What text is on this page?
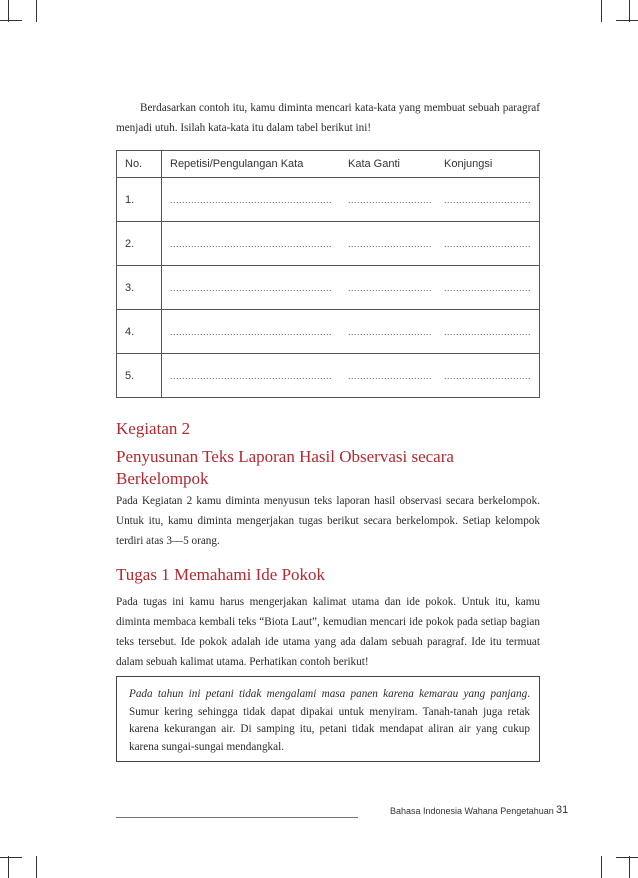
Berdasarkan contoh itu, kamu diminta mencari kata-kata yang membuat sebuah paragraf menjadi utuh. Isilah kata-kata itu dalam tabel berikut ini!

No.	Repetisi/Pengulangan Kata	Kata Ganti	Konjungsi
1.	......................................................	............................	.............................
2.	......................................................	............................	.............................
3.	......................................................	............................	.............................
4.	......................................................	............................	.............................
5.	......................................................	............................	.............................
Kegiatan 2
Penyusunan Teks Laporan Hasil Observasi secara Berkelompok

Pada Kegiatan 2 kamu diminta menyusun teks laporan hasil observasi secara berkelompok. Untuk itu, kamu diminta mengerjakan tugas berikut secara berkelompok. Setiap kelompok terdiri atas 3—5 orang.

Tugas 1 Memahami Ide Pokok

Pada tugas ini kamu harus mengerjakan kalimat utama dan ide pokok. Untuk itu, kamu diminta membaca kembali teks “Biota Laut”, kemudian mencari ide pokok pada setiap bagian teks tersebut. Ide pokok adalah ide utama yang ada dalam sebuah paragraf. Ide itu termuat dalam sebuah kalimat utama. Perhatikan contoh berikut!

Pada tahun ini petani tidak mengalami masa panen karena kemarau yang panjang. Sumur kering sehingga tidak dapat dipakai untuk menyiram. Tanah-tanah juga retak karena kekurangan air. Di samping itu, petani tidak mendapat aliran air yang cukup karena sungai-sungai mendangkal.

Bahasa Indonesia Wahana Pengetahuan 31
